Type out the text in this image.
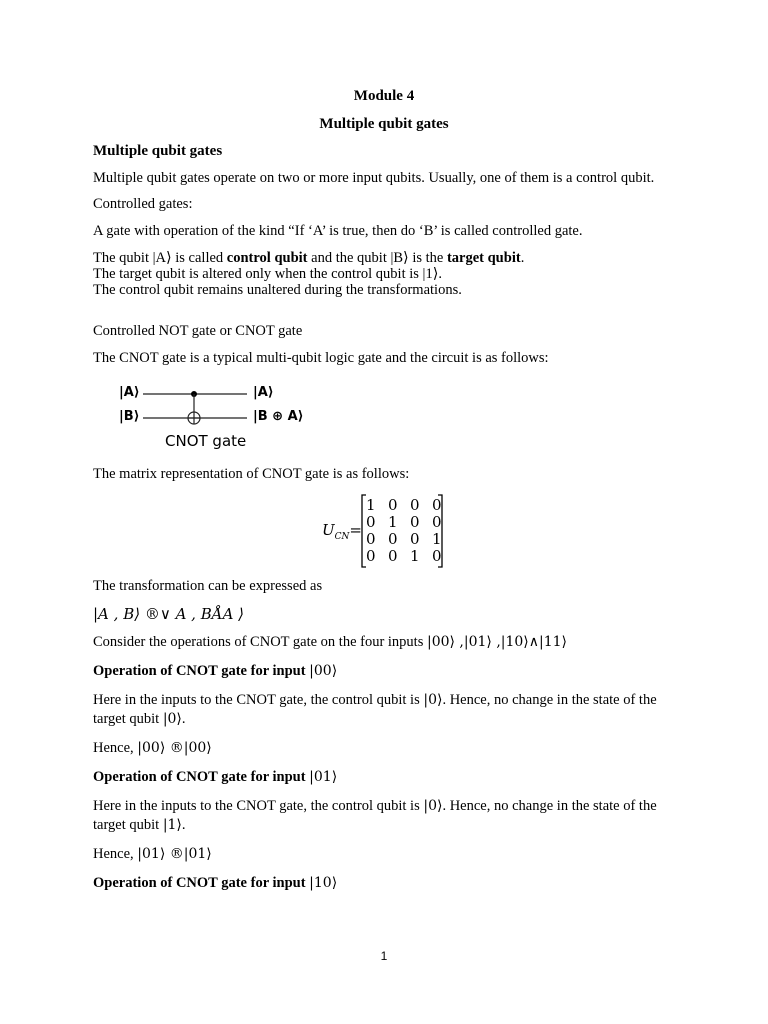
Module 4
Multiple qubit gates
Multiple qubit gates
Multiple qubit gates operate on two or more input qubits. Usually, one of them is a control qubit.
Controlled gates:
A gate with operation of the kind “If ‘A’ is true, then do ‘B’ is called controlled gate.
The qubit |A⟩ is called control qubit and the qubit |B⟩ is the target qubit.
The target qubit is altered only when the control qubit is |1⟩.
The control qubit remains unaltered during the transformations.
Controlled NOT gate or CNOT gate
The CNOT gate is a typical multi-qubit logic gate and the circuit is as follows:
|A⟩
|B⟩
|A⟩
|B ⊕ A⟩
CNOT gate
The matrix representation of CNOT gate is as follows:
$U_{CN}=$
1 0 0 0
0 1 0 0
0 0 0 1
0 0 1 0
The transformation can be expressed as
|A , B⟩ ®∨ A , BÅA ⟩
Consider the operations of CNOT gate on the four inputs |00⟩ ,|01⟩ ,|10⟩∧|11⟩
Operation of CNOT gate for input |00⟩
Here in the inputs to the CNOT gate, the control qubit is |0⟩. Hence, no change in the state of the
target qubit |0⟩.
Hence, |00⟩ ®|00⟩
Operation of CNOT gate for input |01⟩
Here in the inputs to the CNOT gate, the control qubit is |0⟩. Hence, no change in the state of the
target qubit |1⟩.
Hence, |01⟩ ®|01⟩
Operation of CNOT gate for input |10⟩
1
